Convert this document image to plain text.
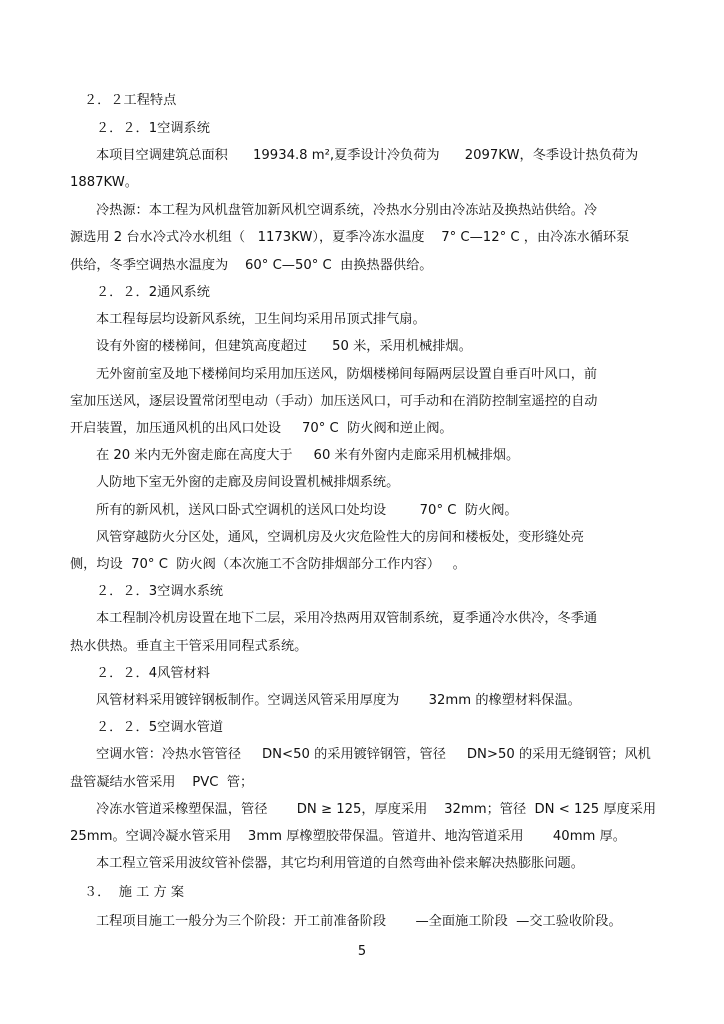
２．２工程特点
２．２．1空调系统
本项目空调建筑总面积      19934.8 m²,夏季设计冷负荷为      2097KW，冬季设计热负荷为
1887KW。
冷热源：本工程为风机盘管加新风机空调系统，冷热水分别由冷冻站及换热站供给。冷
源选用 2 台水冷式冷水机组（   1173KW），夏季冷冻水温度    7° C—12° C ，由冷冻水循环泵
供给，冬季空调热水温度为    60° C—50° C  由换热器供给。
２．２．2通风系统
本工程每层均设新风系统，卫生间均采用吊顶式排气扇。
设有外窗的楼梯间，但建筑高度超过      50 米，采用机械排烟。
无外窗前室及地下楼梯间均采用加压送风，防烟楼梯间每隔两层设置自垂百叶风口，前
室加压送风，逐层设置常闭型电动（手动）加压送风口，可手动和在消防控制室遥控的自动
开启装置，加压通风机的出风口处设     70° C  防火阀和逆止阀。
在 20 米内无外窗走廊在高度大于     60 米有外窗内走廊采用机械排烟。
人防地下室无外窗的走廊及房间设置机械排烟系统。
所有的新风机，送风口卧式空调机的送风口处均设        70° C  防火阀。
风管穿越防火分区处，通风，空调机房及火灾危险性大的房间和楼板处，变形缝处亮
侧，均设  70° C  防火阀（本次施工不含防排烟部分工作内容）   。
２．２．3空调水系统
本工程制冷机房设置在地下二层，采用冷热两用双管制系统，夏季通冷水供冷，冬季通
热水供热。垂直主干管采用同程式系统。
２．２．4风管材料
风管材料采用镀锌钢板制作。空调送风管采用厚度为       32mm 的橡塑材料保温。
２．２．5空调水管道
空调水管：冷热水管管径     DN<50 的采用镀锌钢管，管径     DN>50 的采用无缝钢管；风机
盘管凝结水管采用    PVC  管；
冷冻水管道采橡塑保温，管径       DN ≥ 125，厚度采用    32mm；管径  DN < 125 厚度采用
25mm。空调冷凝水管采用    3mm 厚橡塑胶带保温。管道井、地沟管道采用       40mm 厚。
本工程立管采用波纹管补偿器，其它均利用管道的自然弯曲补偿来解决热膨胀问题。
３．  施 工 方 案
工程项目施工一般分为三个阶段：开工前准备阶段       —全面施工阶段  —交工验收阶段。
5
